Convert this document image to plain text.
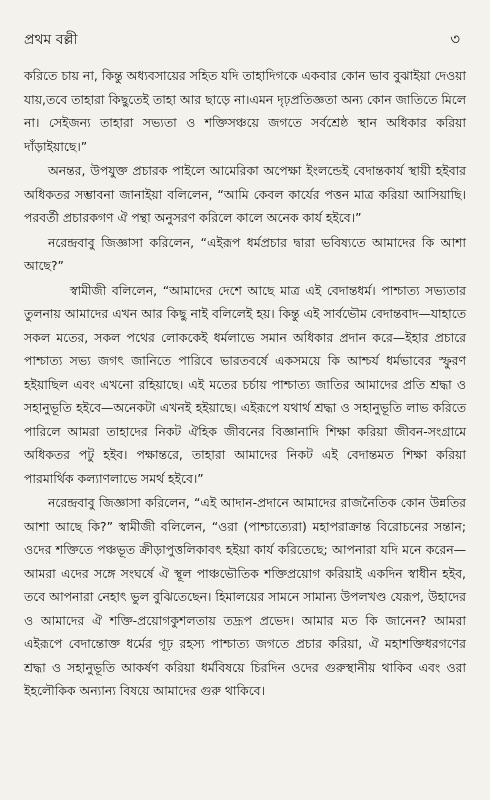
প্রথম বল্লী	৩

করিতে চায় না, কিন্তু অধ্যবসায়ের সহিত যদি তাহাদিগকে একবার কোন ভাব বুঝাইয়া দেওয়া যায়,তবে তাহারা কিছুতেই তাহা আর ছাড়ে না।এমন দৃঢ়প্রতিজ্ঞতা অন্য কোন জাতিতে মিলে না। সেইজন্য তাহারা সভ্যতা ও শক্তিসঞ্চয়ে জগতে সর্বশ্রেষ্ঠ স্থান অধিকার করিয়া দাঁড়াইয়াছে।”

অনন্তর, উপযুক্ত প্রচারক পাইলে আমেরিকা অপেক্ষা ইংলন্ডেই বেদান্তকার্য স্থায়ী হইবার অধিকতর সম্ভাবনা জানাইয়া বলিলেন, “আমি কেবল কার্যের পত্তন মাত্র করিয়া আসিয়াছি। পরবর্তী প্রচারকগণ ঐ পন্থা অনুসরণ করিলে কালে অনেক কার্য হইবে।”

নরেন্দ্রবাবু জিজ্ঞাসা করিলেন, “এইরূপ ধর্মপ্রচার দ্বারা ভবিষ্যতে আমাদের কি আশা আছে?”

স্বামীজী বলিলেন, “আমাদের দেশে আছে মাত্র এই বেদান্তধর্ম। পাশ্চাত্য সভ্যতার তুলনায় আমাদের এখন আর কিছু নাই বলিলেই হয়। কিন্তু এই সার্বভৌম বেদান্তবাদ—যাহাতে সকল মতের, সকল পথের লোককেই ধর্মলাভে সমান অধিকার প্রদান করে—ইহার প্রচারে পাশ্চাত্য সভ্য জগৎ জানিতে পারিবে ভারতবর্ষে একসময়ে কি আশ্চর্য ধর্মভাবের স্ফুরণ হইয়াছিল এবং এখনো রহিয়াছে। এই মতের চর্চায় পাশ্চাত্য জাতির আমাদের প্রতি শ্রদ্ধা ও সহানুভূতি হইবে—অনেকটা এখনই হইয়াছে। এইরূপে যথার্থ শ্রদ্ধা ও সহানুভূতি লাভ করিতে পারিলে আমরা তাহাদের নিকট ঐহিক জীবনের বিজ্ঞানাদি শিক্ষা করিয়া জীবন-সংগ্রামে অধিকতর পটু হইব। পক্ষান্তরে, তাহারা আমাদের নিকট এই বেদান্তমত শিক্ষা করিয়া পারমার্থিক কল্যাণলাভে সমর্থ হইবে।”

নরেন্দ্রবাবু জিজ্ঞাসা করিলেন, “এই আদান-প্রদানে আমাদের রাজনৈতিক কোন উন্নতির আশা আছে কি?” স্বামীজী বলিলেন, “ওরা (পাশ্চাত্যেরা) মহাপরাক্রান্ত বিরোচনের সন্তান; ওদের শক্তিতে পঞ্চভূত ক্রীড়াপুত্তলিকাবৎ হইয়া কার্য করিতেছে; আপনারা যদি মনে করেন—আমরা এদের সঙ্গে সংঘর্ষে ঐ স্থূল পাঞ্চভৌতিক শক্তিপ্রয়োগ করিয়াই একদিন স্বাধীন হইব, তবে আপনারা নেহাৎ ভুল বুঝিতেছেন। হিমালয়ের সামনে সামান্য উপলখণ্ড যেরূপ, উহাদের ও আমাদের ঐ শক্তি-প্রয়োগকুশলতায় তদ্রূপ প্রভেদ। আমার মত কি জানেন? আমরা এইরূপে বেদান্তোক্ত ধর্মের গূঢ় রহস্য পাশ্চাত্য জগতে প্রচার করিয়া, ঐ মহাশক্তিধরগণের শ্রদ্ধা ও সহানুভূতি আকর্ষণ করিয়া ধর্মবিষয়ে চিরদিন ওদের গুরুস্থানীয় থাকিব এবং ওরা ইহলৌকিক অন্যান্য বিষয়ে আমাদের গুরু থাকিবে।
